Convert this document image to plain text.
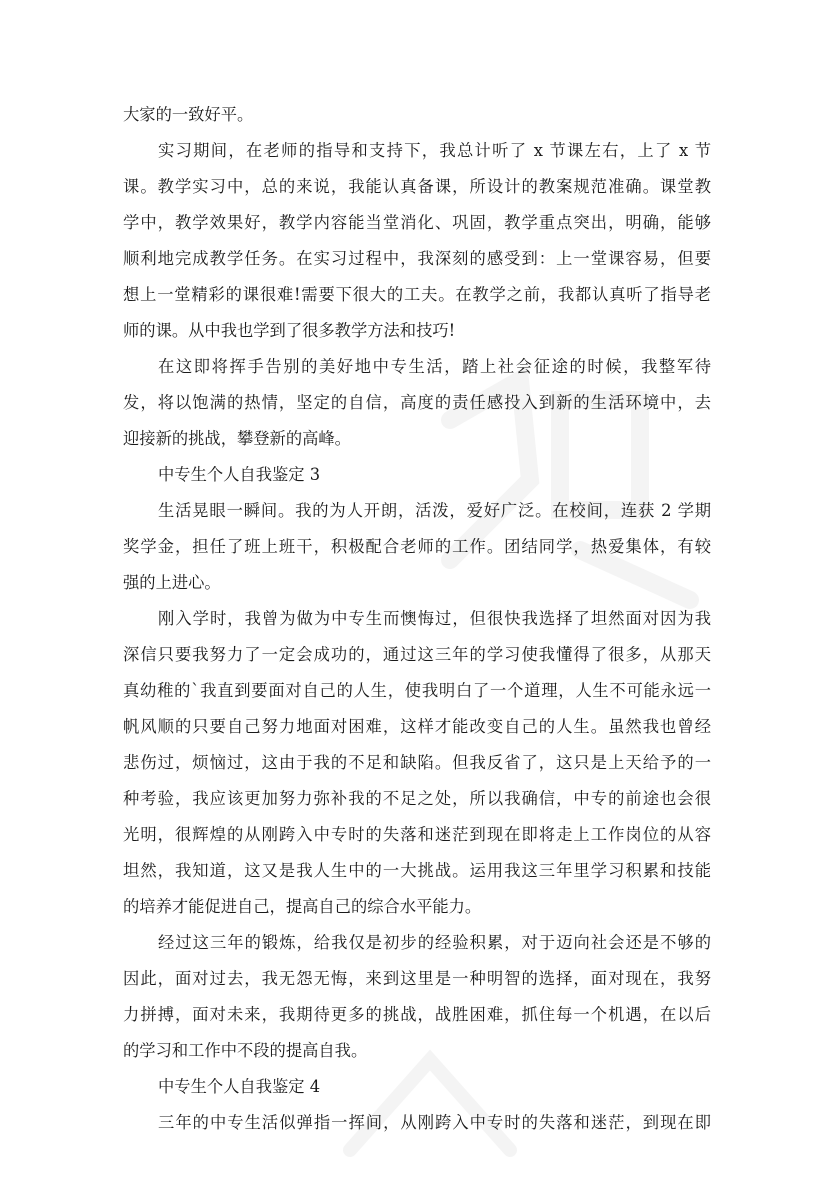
大家的一致好平。
实习期间，在老师的指导和支持下，我总计听了 x 节课左右，上了 x 节
课。教学实习中，总的来说，我能认真备课，所设计的教案规范准确。课堂教
学中，教学效果好，教学内容能当堂消化、巩固，教学重点突出，明确，能够
顺利地完成教学任务。在实习过程中，我深刻的感受到：上一堂课容易，但要
想上一堂精彩的课很难!需要下很大的工夫。在教学之前，我都认真听了指导老
师的课。从中我也学到了很多教学方法和技巧!
在这即将挥手告别的美好地中专生活，踏上社会征途的时候，我整军待
发，将以饱满的热情，坚定的自信，高度的责任感投入到新的生活环境中，去
迎接新的挑战，攀登新的高峰。
中专生个人自我鉴定 3
生活晃眼一瞬间。我的为人开朗，活泼，爱好广泛。在校间，连获 2 学期
奖学金，担任了班上班干，积极配合老师的工作。团结同学，热爱集体，有较
强的上进心。
刚入学时，我曾为做为中专生而懊悔过，但很快我选择了坦然面对因为我
深信只要我努力了一定会成功的，通过这三年的学习使我懂得了很多，从那天
真幼稚的`我直到要面对自己的人生，使我明白了一个道理，人生不可能永远一
帆风顺的只要自己努力地面对困难，这样才能改变自己的人生。虽然我也曾经
悲伤过，烦恼过，这由于我的不足和缺陷。但我反省了，这只是上天给予的一
种考验，我应该更加努力弥补我的不足之处，所以我确信，中专的前途也会很
光明，很辉煌的从刚跨入中专时的失落和迷茫到现在即将走上工作岗位的从容
坦然，我知道，这又是我人生中的一大挑战。运用我这三年里学习积累和技能
的培养才能促进自己，提高自己的综合水平能力。
经过这三年的锻炼，给我仅是初步的经验积累，对于迈向社会还是不够的
因此，面对过去，我无怨无悔，来到这里是一种明智的选择，面对现在，我努
力拼搏，面对未来，我期待更多的挑战，战胜困难，抓住每一个机遇，在以后
的学习和工作中不段的提高自我。
中专生个人自我鉴定 4
三年的中专生活似弹指一挥间，从刚跨入中专时的失落和迷茫，到现在即
